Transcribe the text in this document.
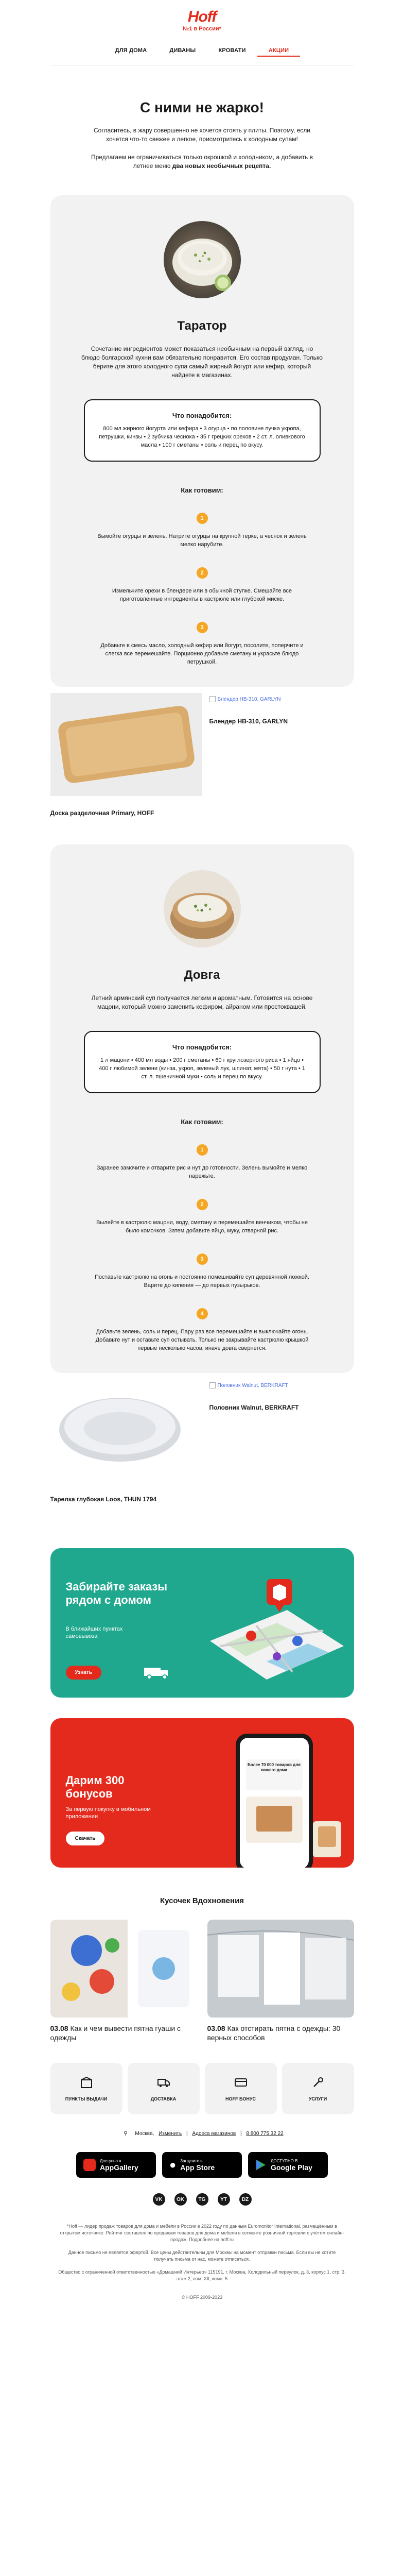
Hoff
№1 в России*
ДЛЯ ДОМА	ДИВАНЫ	КРОВАТИ	АКЦИИ
С ними не жарко!
Согласитесь, в жару совершенно не хочется стоять у плиты. Поэтому, если хочется что-то свежее и легкое, присмотритесь к холодным супам!
Предлагаем не ограничиваться только окрошкой и холодником, а добавить в летнее меню два новых необычных рецепта.
Таратор
Сочетание ингредиентов может показаться необычным на первый взгляд, но блюдо болгарской кухни вам обязательно понравится. Его состав продуман. Только берите для этого холодного супа самый жирный йогурт или кефир, который найдете в магазинах.
Что понадобится:
800 мл жирного йогурта или кефира • 3 огурца • по половине пучка укропа, петрушки, кинзы • 2 зубчика чеснока • 35 г грецких орехов • 2 ст. л. оливкового масла • 100 г сметаны • соль и перец по вкусу.
Как готовим:
1
Вымойте огурцы и зелень. Натрите огурцы на крупной терке, а чеснок и зелень мелко нарубите.
2
Измельчите орехи в блендере или в обычной ступке. Смешайте все приготовленные ингредиенты в кастрюле или глубокой миске.
3
Добавьте в смесь масло, холодный кефир или йогурт, посолите, поперчите и слегка все перемешайте. Порционно добавьте сметану и украсьте блюдо петрушкой.
Доска разделочная Primary, HOFF
Блендер HB-310, GARLYN
Блендер HB-310, GARLYN
Довга
Летний армянский суп получается легким и ароматным. Готовится на основе мацони, который можно заменить кефиром, айраном или простоквашей.
Что понадобится:
1 л мацони • 400 мл воды • 200 г сметаны • 60 г круглозерного риса • 1 яйцо • 400 г любимой зелени (кинза, укроп, зеленый лук, шпинат, мята) • 50 г нута • 1 ст. л. пшеничной муки • соль и перец по вкусу.
Как готовим:
1
Заранее замочите и отварите рис и нут до готовности. Зелень вымойте и мелко нарежьте.
2
Вылейте в кастрюлю мацони, воду, сметану и перемешайте венчиком, чтобы не было комочков. Затем добавьте яйцо, муку, отварной рис.
3
Поставьте кастрюлю на огонь и постоянно помешивайте суп деревянной ложкой. Варите до кипения — до первых пузырьков.
4
Добавьте зелень, соль и перец. Пару раз все перемешайте и выключайте огонь. Добавьте нут и оставьте суп остывать. Только не закрывайте кастрюлю крышкой первые несколько часов, иначе довга свернется.
Тарелка глубокая Loos, THUN 1794
Половник Walnut, BERKRAFT
Половник Walnut, BERKRAFT
Забирайте заказы рядом с домом

В ближайших пунктах самовывоза

Узнать
Дарим 300 бонусов

За первую покупку в мобильном приложении

Скачать
Более 70 000 товаров для вашего дома
Кусочек Вдохновения
03.08 Как и чем вывести пятна гуаши с одежды
03.08 Как отстирать пятна с одежды: 30 верных способов
ПУНКТЫ ВЫДАЧИ	ДОСТАВКА	HOFF БОНУС	УСЛУГИ
⚲ Москва, Изменить | Адреса магазинов | 8 800 775 32 22
Доступно в
AppGallery	● Загрузите в
App Store
ДОСТУПНО В
Google Play
VK	OK	TG	YT	DZ

*Hoff — лидер продаж товаров для дома и мебели в России в 2022 году по данным Euromonitor International, размещённым в открытом источнике. Рейтинг составлен по продажам товаров для дома и мебели в сегменте розничной торговли с учётом онлайн-продаж. Подробнее на hoff.ru

Данное письмо не является офертой. Все цены действительны для Москвы на момент отправки письма. Если вы не хотите получать письма от нас, можете отписаться.

Общество с ограниченной ответственностью «Домашний Интерьер» 115191, г. Москва, Холодильный переулок, д. 3, корпус 1, стр. 3, этаж 2, пом. XII, комн. 5

© HOFF 2009-2023
